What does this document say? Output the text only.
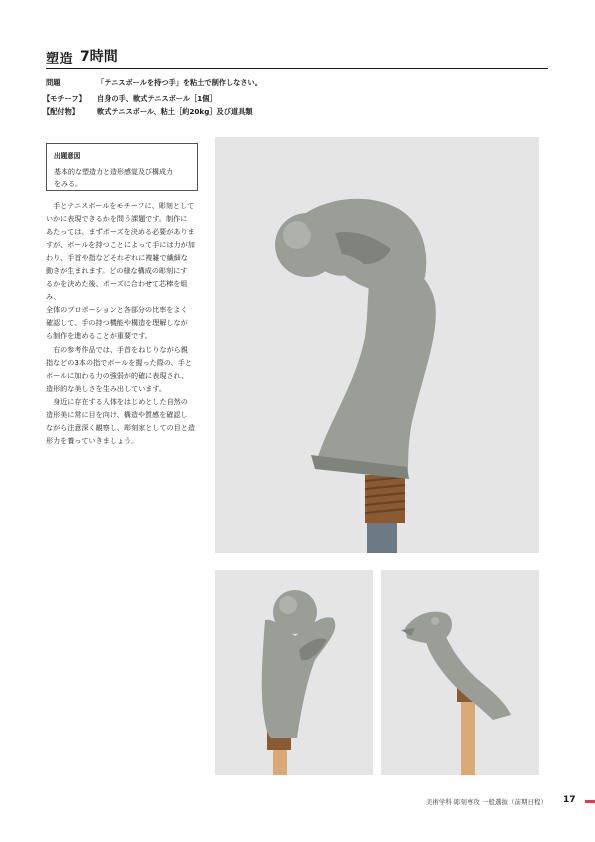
塑造 7時間
問題	「テニスボールを持つ手」を粘土で制作しなさい。
【モチーフ】 自身の手、軟式テニスボール［1個］
【配付物】	軟式テニスボール、粘土［約20kg］及び道具類
出題意図
基本的な塑造力と造形感覚及び構成力
をみる。
　手とテニスボールをモチーフに、彫刻として
いかに表現できるかを問う課題です。制作に
あたっては、まずポーズを決める必要がありま
すが、ボールを持つことによって手には力が加
わり、手首や指などそれぞれに複雑で繊細な
動きが生まれます。どの様な構成の彫刻にす
るかを決めた後、ポーズに合わせて芯棒を組み、
全体のプロポーションと各部分の比率をよく
確認して、手の持つ機能や構造を理解しなが
ら制作を進めることが重要です。
　右の参考作品では、手首をねじりながら親
指などの3本の指でボールを握った際の、手と
ボールに加わる力の強弱が的確に表現され、
造形的な美しさを生み出しています。
　身近に存在する人体をはじめとした自然の
造形美に常に目を向け、構造や質感を確認し
ながら注意深く観察し、彫刻家としての目と造
形力を養っていきましょう。
美術学科 彫刻専攻 一般選抜（前期日程） 17
